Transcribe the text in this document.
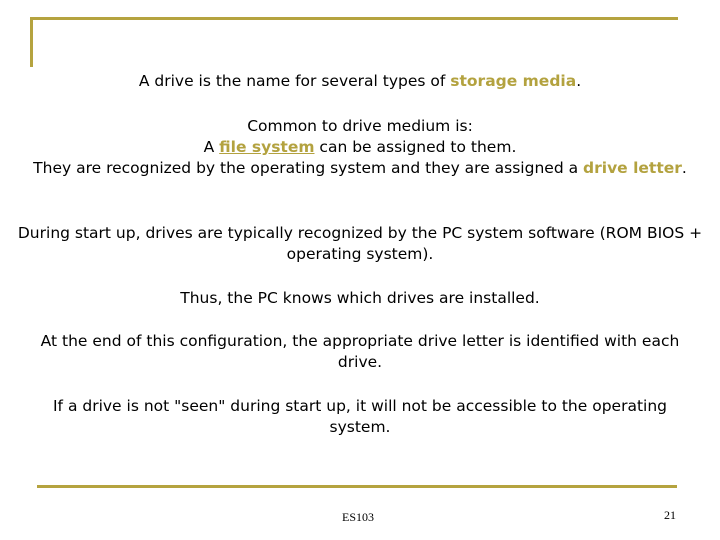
A drive is the name for several types of storage media.
Common to drive medium is:
A file system can be assigned to them.
They are recognized by the operating system and they are assigned a drive letter.
During start up, drives are typically recognized by the PC system software (ROM BIOS + operating system).
Thus, the PC knows which drives are installed.
At the end of this configuration, the appropriate drive letter is identified with each drive.
If a drive is not "seen" during start up, it will not be accessible to the operating system.
ES103	21
